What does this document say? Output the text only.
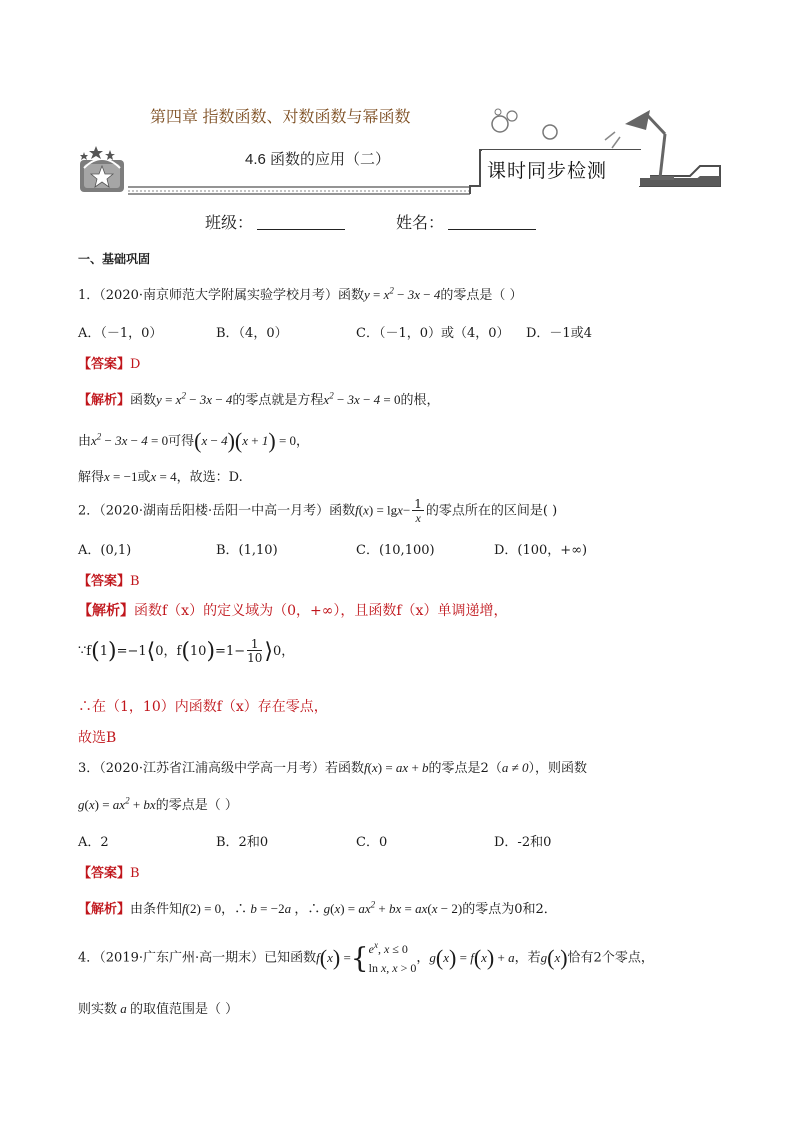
第四章 指数函数、对数函数与幂函数
4.6 函数的应用（二）
课时同步检测
班级：	姓名：
一、基础巩固
1．（2020·南京师范大学附属实验学校月考）函数$y = x^2 - 3x - 4$的零点是（ ）
A．（－1，0）	B．（4，0）	C．（－1，0）或（4，0） D．－1或4
【答案】D
【解析】函数$y = x^2 - 3x - 4$的零点就是方程$x^2 - 3x - 4 = 0$的根，
由$x^2 - 3x - 4 = 0$可得(x − 4)(x + 1) = 0，
解得x = −1或x = 4，故选：D.
2．（2020·湖南岳阳楼·岳阳一中高一月考）函数$f(x) = \lg x- \frac{1}{x}$ 的零点所在的区间是( )
A．(0,1)	B．(1,10)	C．(10,100)	D．(100，+∞)
【答案】B
【解析】函数f（x）的定义域为（0，+∞），且函数f（x）单调递增，
∵f(1)=−1⟨0，$f(10)=1- \frac{1}{10}$ ⟩0，
∴在（1，10）内函数f（x）存在零点，
故选B
3．（2020·江苏省江浦高级中学高一月考）若函数f(x) = ax + b的零点是2（a ≠ 0），则函数
$g(x) = ax^2$ + bx的零点是（ ）
A．2	B．2和0	C．0	D．-2和0
【答案】B
【解析】由条件知f(2) = 0，∴ b = −2a ，∴ $g(x) = ax^2$ + bx = ax(x − 2)的零点为0和2．
4．（2019·广东广州·高一期末）已知函数f(x) ={ $e^x$, x ≤ 0
ln x, x > 0
，g(x) = f(x) + a，若g(x)恰有2个零点，
则实数 a 的取值范围是（ ）
